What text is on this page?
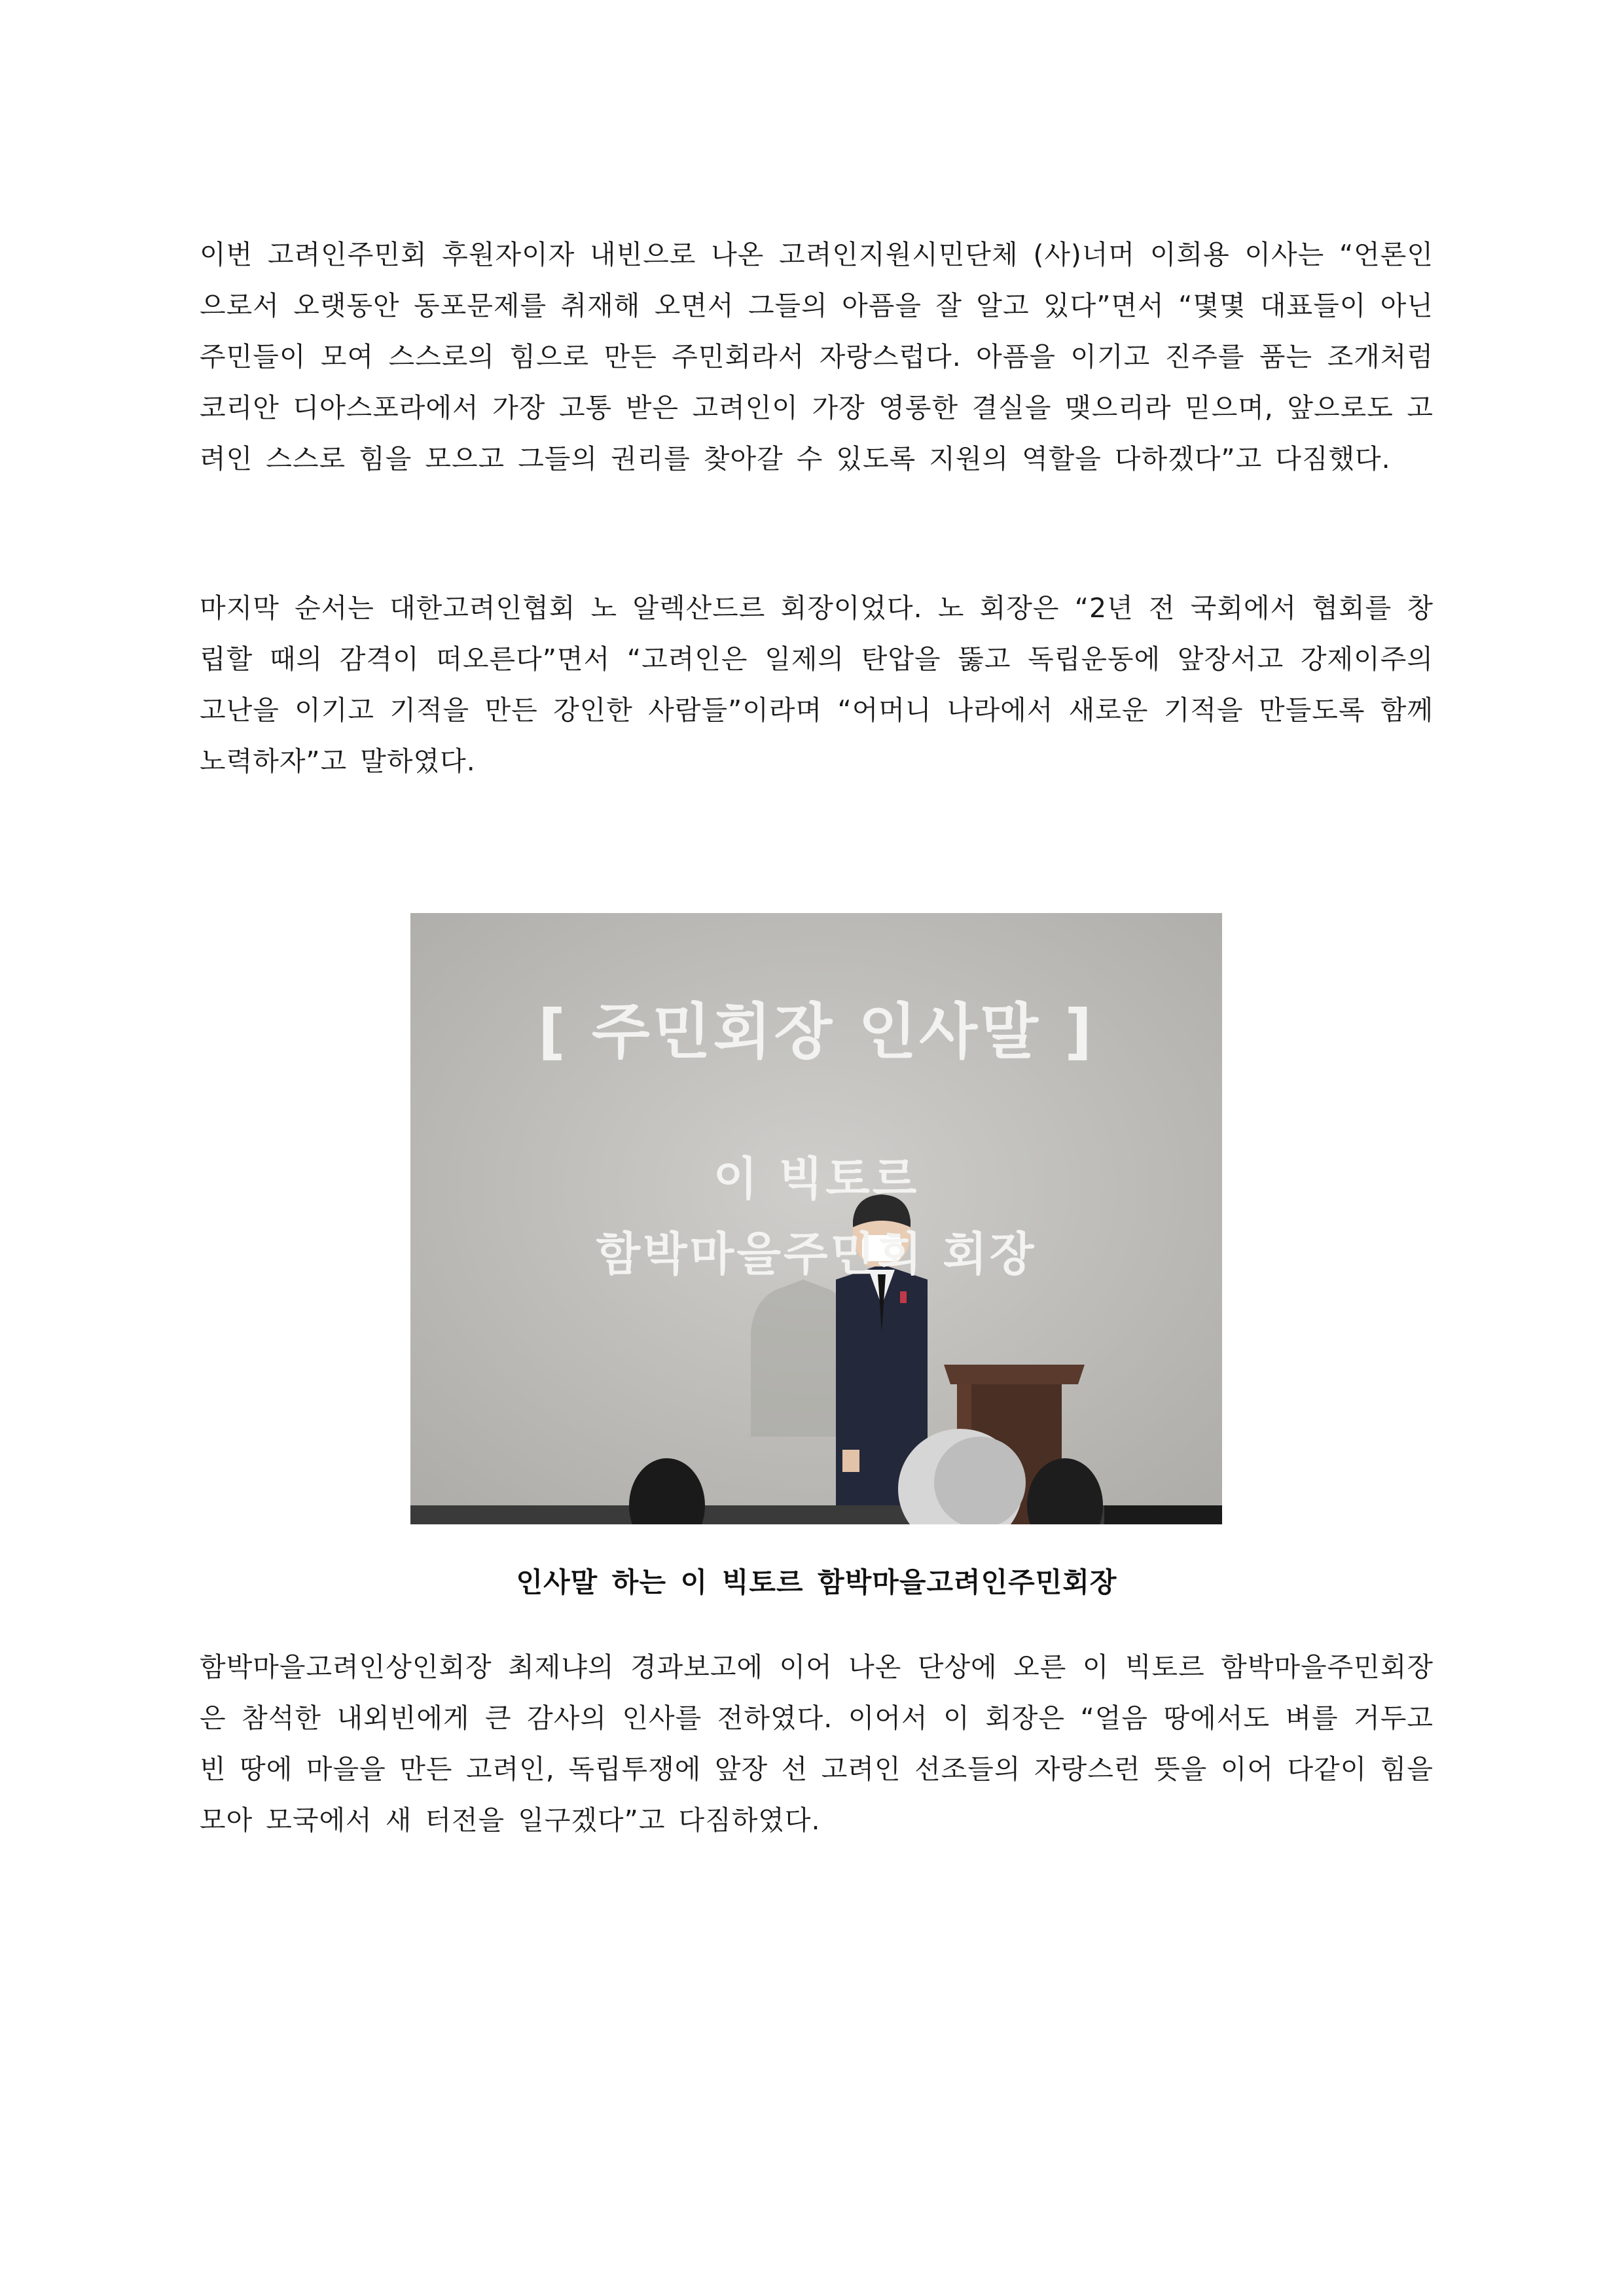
이번 고려인주민회 후원자이자 내빈으로 나온 고려인지원시민단체 (사)너머 이희용 이사는 “언론인으로서 오랫동안 동포문제를 취재해 오면서 그들의 아픔을 잘 알고 있다”면서 “몇몇 대표들이 아닌 주민들이 모여 스스로의 힘으로 만든 주민회라서 자랑스럽다. 아픔을 이기고 진주를 품는 조개처럼 코리안 디아스포라에서 가장 고통 받은 고려인이 가장 영롱한 결실을 맺으리라 믿으며, 앞으로도 고려인 스스로 힘을 모으고 그들의 권리를 찾아갈 수 있도록 지원의 역할을 다하겠다”고 다짐했다.

마지막 순서는 대한고려인협회 노 알렉산드르 회장이었다. 노 회장은 “2년 전 국회에서 협회를 창립할 때의 감격이 떠오른다”면서 “고려인은 일제의 탄압을 뚫고 독립운동에 앞장서고 강제이주의 고난을 이기고 기적을 만든 강인한 사람들”이라며 “어머니 나라에서 새로운 기적을 만들도록 함께 노력하자”고 말하였다.

[ 주민회장 인사말 ]
이 빅토르
함박마을주민회 회장
인사말 하는 이 빅토르 함박마을고려인주민회장

함박마을고려인상인회장 최제냐의 경과보고에 이어 나온 단상에 오른 이 빅토르 함박마을주민회장은 참석한 내외빈에게 큰 감사의 인사를 전하였다. 이어서 이 회장은 “얼음 땅에서도 벼를 거두고 빈 땅에 마을을 만든 고려인, 독립투쟁에 앞장 선 고려인 선조들의 자랑스런 뜻을 이어 다같이 힘을 모아 모국에서 새 터전을 일구겠다”고 다짐하였다.
